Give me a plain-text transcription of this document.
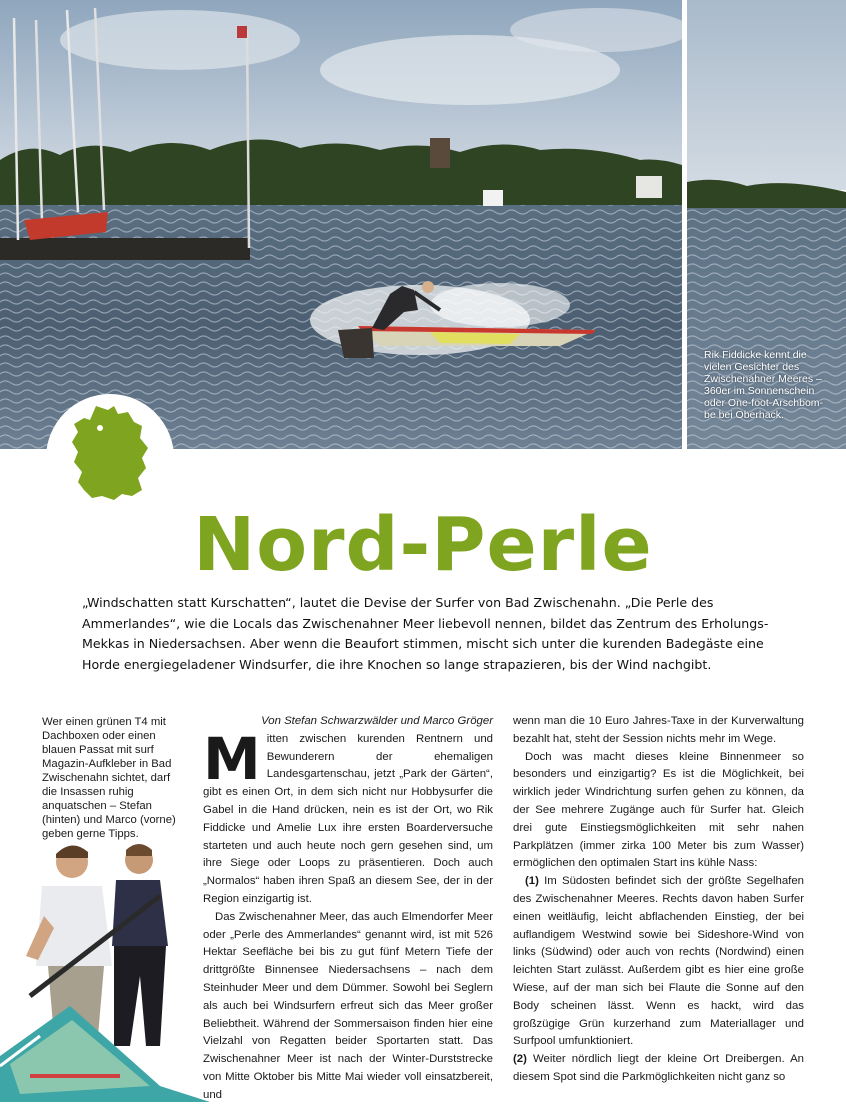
Rik Fiddicke kennt die vielen Gesichter des Zwischenahner Meeres – 360er im Sonnenschein oder One-foot-Arschbom-be bei Oberhack.
Nord-Perle
„Windschatten statt Kurschatten“, lautet die Devise der Surfer von Bad Zwischenahn. „Die Perle des Ammerlandes“, wie die Locals das Zwischenahner Meer liebevoll nennen, bildet das Zentrum des Erholungs-Mekkas in Niedersachsen. Aber wenn die Beaufort stimmen, mischt sich unter die kurenden Badegäste eine Horde energiegeladener Windsurfer, die ihre Knochen so lange strapazieren, bis der Wind nachgibt.
Wer einen grünen T4 mit Dachboxen oder einen blauen Passat mit surf Magazin-Aufkleber in Bad Zwischenahn sichtet, darf die Insassen ruhig anquatschen – Stefan (hinten) und Marco (vorne) geben gerne Tipps.
Von Stefan Schwarzwälder und Marco Gröger

Mitten zwischen kurenden Rentnern und Bewunderern der ehemaligen Landesgartenschau, jetzt „Park der Gärten“, gibt es einen Ort, in dem sich nicht nur Hobbysurfer die Gabel in die Hand drücken, nein es ist der Ort, wo Rik Fiddicke und Amelie Lux ihre ersten Boarderversuche starteten und auch heute noch gern gesehen sind, um ihre Siege oder Loops zu präsentieren. Doch auch „Normalos“ haben ihren Spaß an diesem See, der in der Region einzigartig ist.

Das Zwischenahner Meer, das auch Elmendorfer Meer oder „Perle des Ammerlandes“ genannt wird, ist mit 526 Hektar Seefläche bei bis zu gut fünf Metern Tiefe der drittgrößte Binnensee Niedersachsens – nach dem Steinhuder Meer und dem Dümmer. Sowohl bei Seglern als auch bei Windsurfern erfreut sich das Meer großer Beliebtheit. Während der Sommersaison finden hier eine Vielzahl von Regatten beider Sportarten statt. Das Zwischenahner Meer ist nach der Winter-Durststrecke von Mitte Oktober bis Mitte Mai wieder voll einsatzbereit, und

wenn man die 10 Euro Jahres-Taxe in der Kurverwaltung bezahlt hat, steht der Session nichts mehr im Wege.

Doch was macht dieses kleine Binnenmeer so besonders und einzigartig? Es ist die Möglichkeit, bei wirklich jeder Windrichtung surfen gehen zu können, da der See mehrere Zugänge auch für Surfer hat. Gleich drei gute Einstiegsmöglichkeiten mit sehr nahen Parkplätzen (immer zirka 100 Meter bis zum Wasser) ermöglichen den optimalen Start ins kühle Nass:

(1) Im Südosten befindet sich der größte Segelhafen des Zwischenahner Meeres. Rechts davon haben Surfer einen weitläufig, leicht abflachenden Einstieg, der bei auflandigem Westwind sowie bei Sideshore-Wind von links (Südwind) oder auch von rechts (Nordwind) einen leichten Start zulässt. Außerdem gibt es hier eine große Wiese, auf der man sich bei Flaute die Sonne auf den Body scheinen lässt. Wenn es hackt, wird das großzügige Grün kurzerhand zum Materiallager und Surfpool umfunktioniert.

(2) Weiter nördlich liegt der kleine Ort Dreibergen. An diesem Spot sind die Parkmöglichkeiten nicht ganz so
